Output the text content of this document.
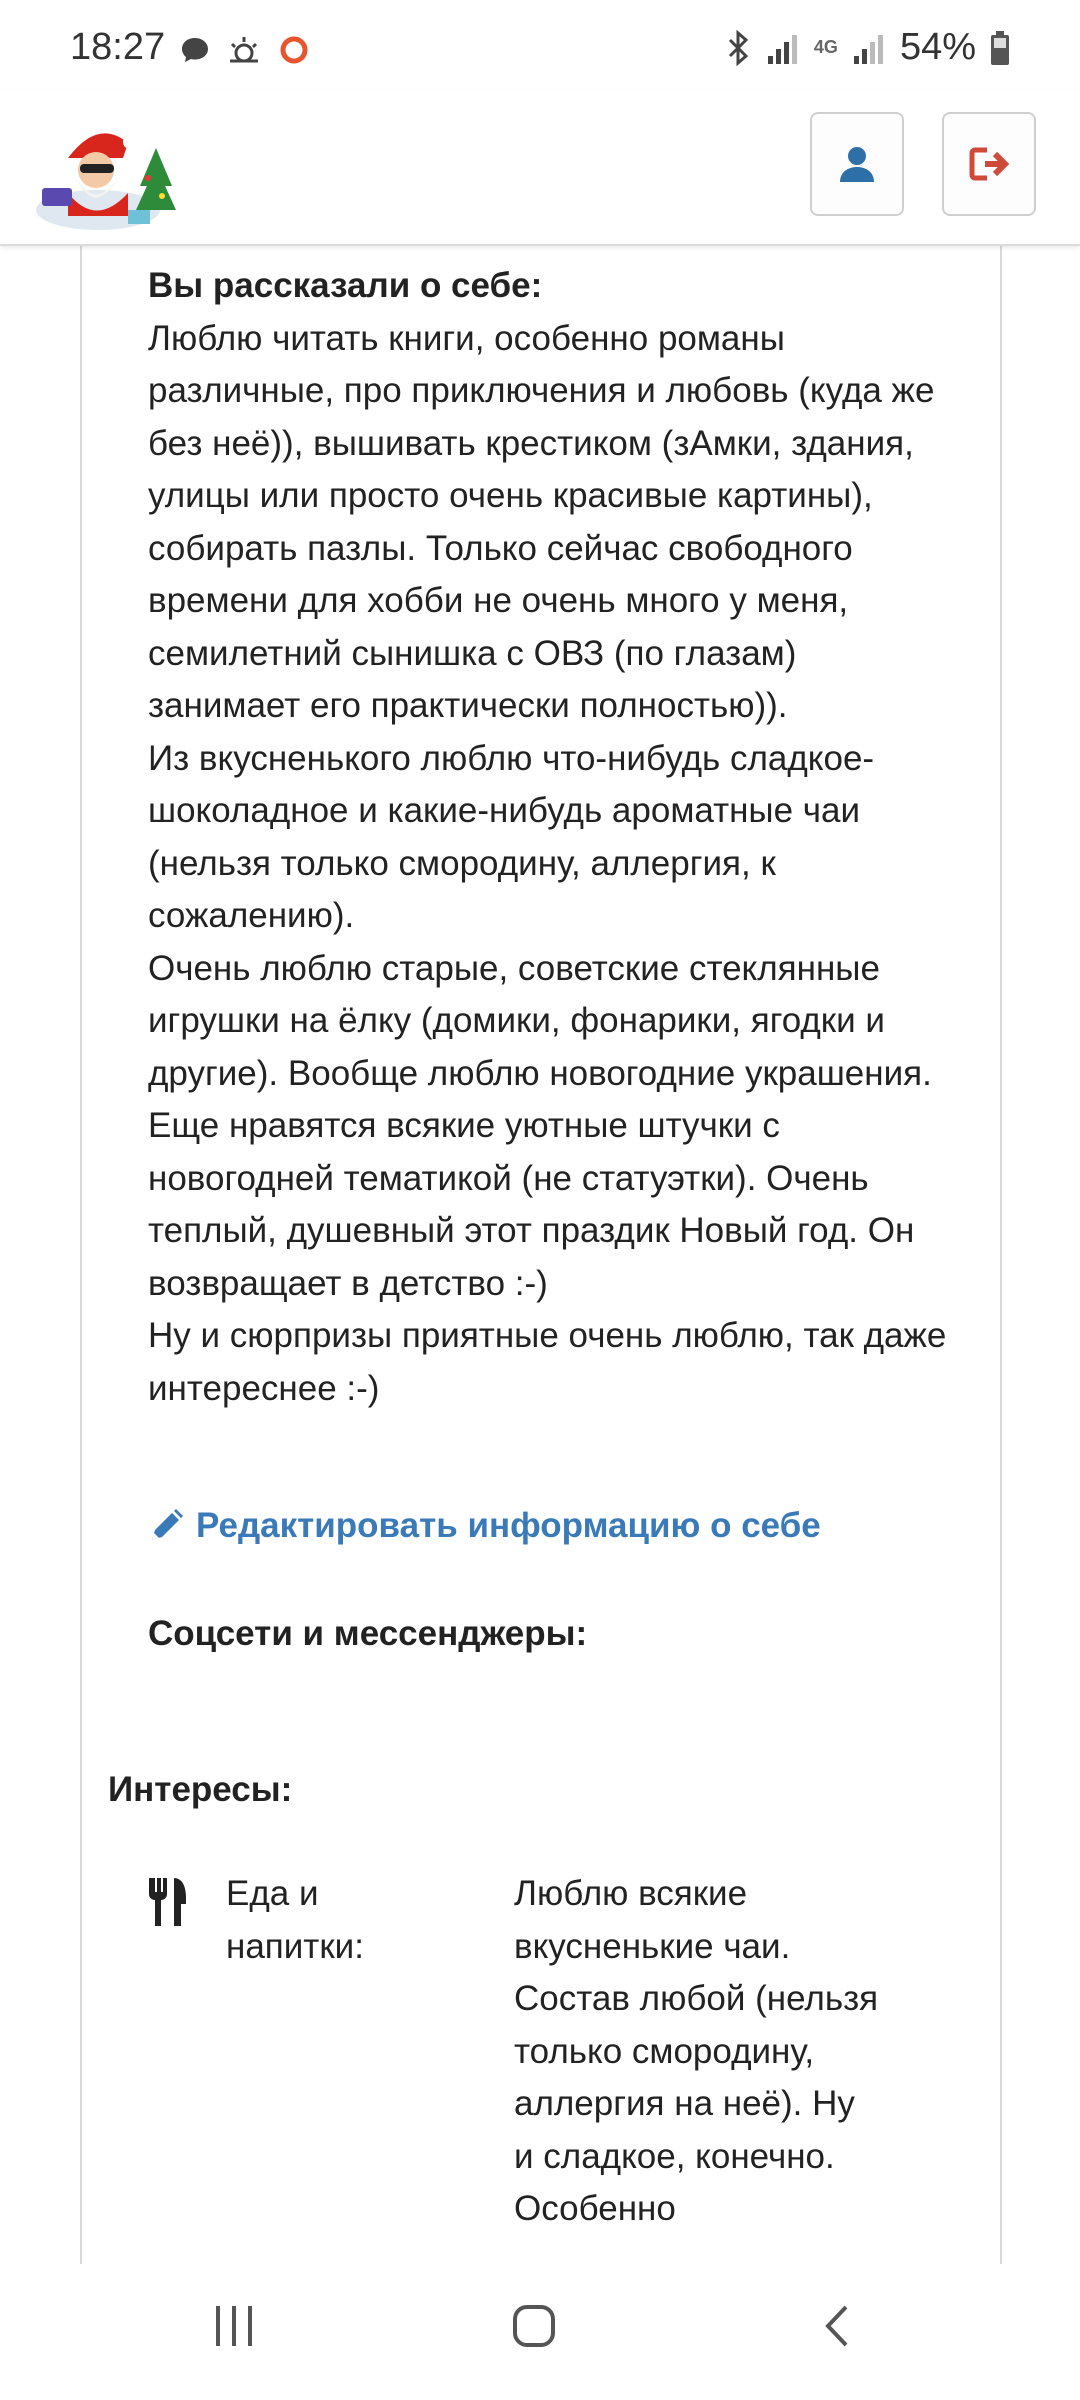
18:27	4G 54%
Вы рассказали о себе:

Люблю читать книги, особенно романы различные, про приключения и любовь (куда же без неё)), вышивать крестиком (зАмки, здания, улицы или просто очень красивые картины), собирать пазлы. Только сейчас свободного времени для хобби не очень много у меня, семилетний сынишка с ОВЗ (по глазам) занимает его практически полностью)).

Из вкусненького люблю что-нибудь сладкое-шоколадное и какие-нибудь ароматные чаи (нельзя только смородину, аллергия, к сожалению).

Очень люблю старые, советские стеклянные игрушки на ёлку (домики, фонарики, ягодки и другие). Вообще люблю новогодние украшения.

Еще нравятся всякие уютные штучки с новогодней тематикой (не статуэтки). Очень теплый, душевный этот праздик Новый год. Он возвращает в детство :-)

Ну и сюрпризы приятные очень люблю, так даже интереснее :-)

Редактировать информацию о себе
Соцсети и мессенджеры:
Интересы:
Еда и напитки:
Люблю всякие вкусненькие чаи. Состав любой (нельзя только смородину, аллергия на неё). Ну и сладкое, конечно. Особенно
